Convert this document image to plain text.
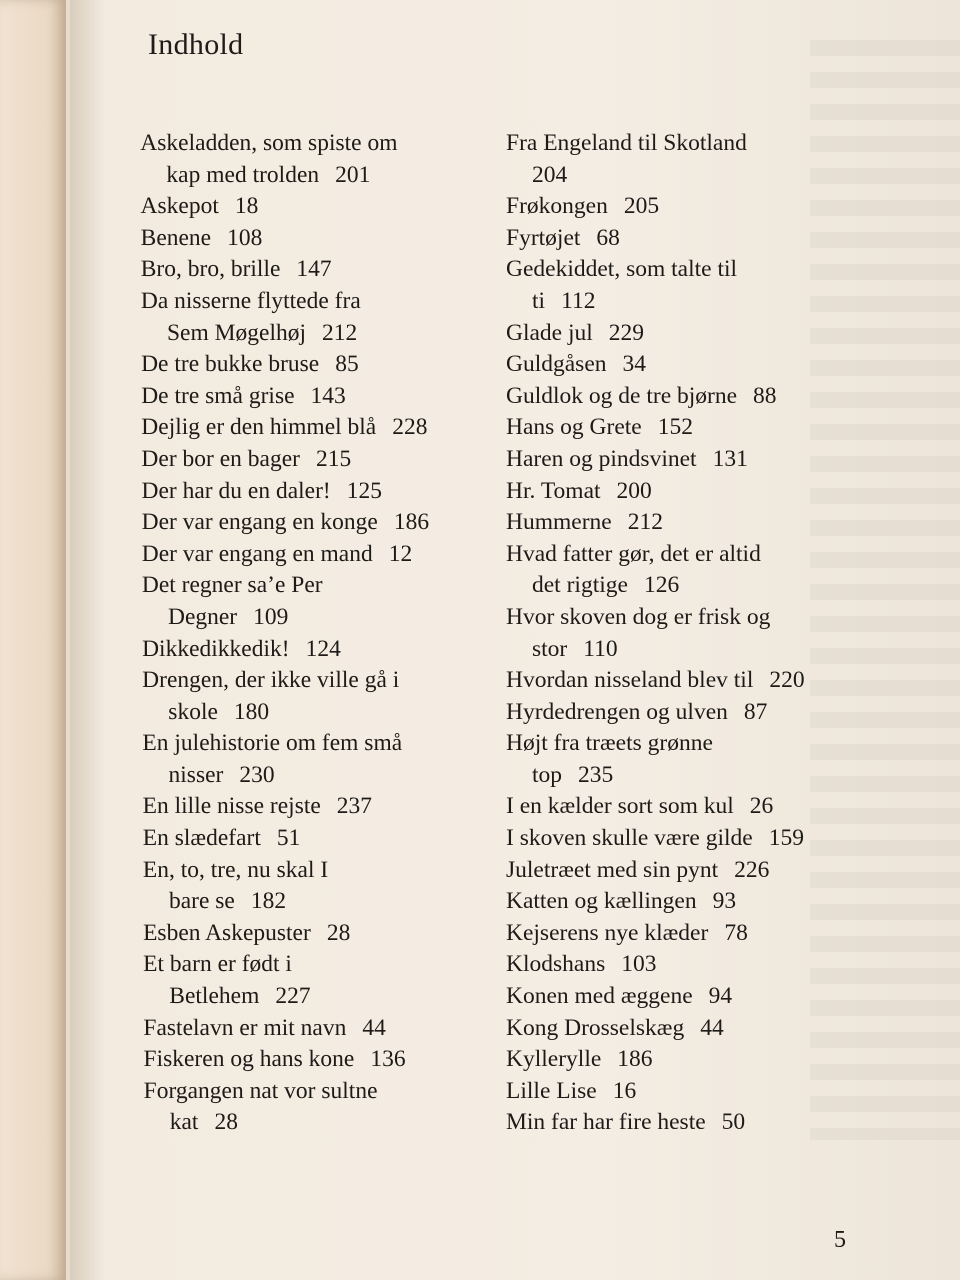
Indhold
Askeladden, som spiste om
kap med trolden 201
Askepot 18
Benene 108
Bro, bro, brille 147
Da nisserne flyttede fra
Sem Møgelhøj 212
De tre bukke bruse 85
De tre små grise 143
Dejlig er den himmel blå 228
Der bor en bager 215
Der har du en daler! 125
Der var engang en konge 186
Der var engang en mand 12
Det regner sa’e Per
Degner 109
Dikkedikkedik! 124
Drengen, der ikke ville gå i
skole 180
En julehistorie om fem små
nisser 230
En lille nisse rejste 237
En slædefart 51
En, to, tre, nu skal I
bare se 182
Esben Askepuster 28
Et barn er født i
Betlehem 227
Fastelavn er mit navn 44
Fiskeren og hans kone 136
Forgangen nat vor sultne
kat 28
Fra Engeland til Skotland
204
Frøkongen 205
Fyrtøjet 68
Gedekiddet, som talte til
ti 112
Glade jul 229
Guldgåsen 34
Guldlok og de tre bjørne 88
Hans og Grete 152
Haren og pindsvinet 131
Hr. Tomat 200
Hummerne 212
Hvad fatter gør, det er altid
det rigtige 126
Hvor skoven dog er frisk og
stor 110
Hvordan nisseland blev til 220
Hyrdedrengen og ulven 87
Højt fra træets grønne
top 235
I en kælder sort som kul 26
I skoven skulle være gilde 159
Juletræet med sin pynt 226
Katten og kællingen 93
Kejserens nye klæder 78
Klodshans 103
Konen med æggene 94
Kong Drosselskæg 44
Kyllerylle 186
Lille Lise 16
Min far har fire heste 50
5
